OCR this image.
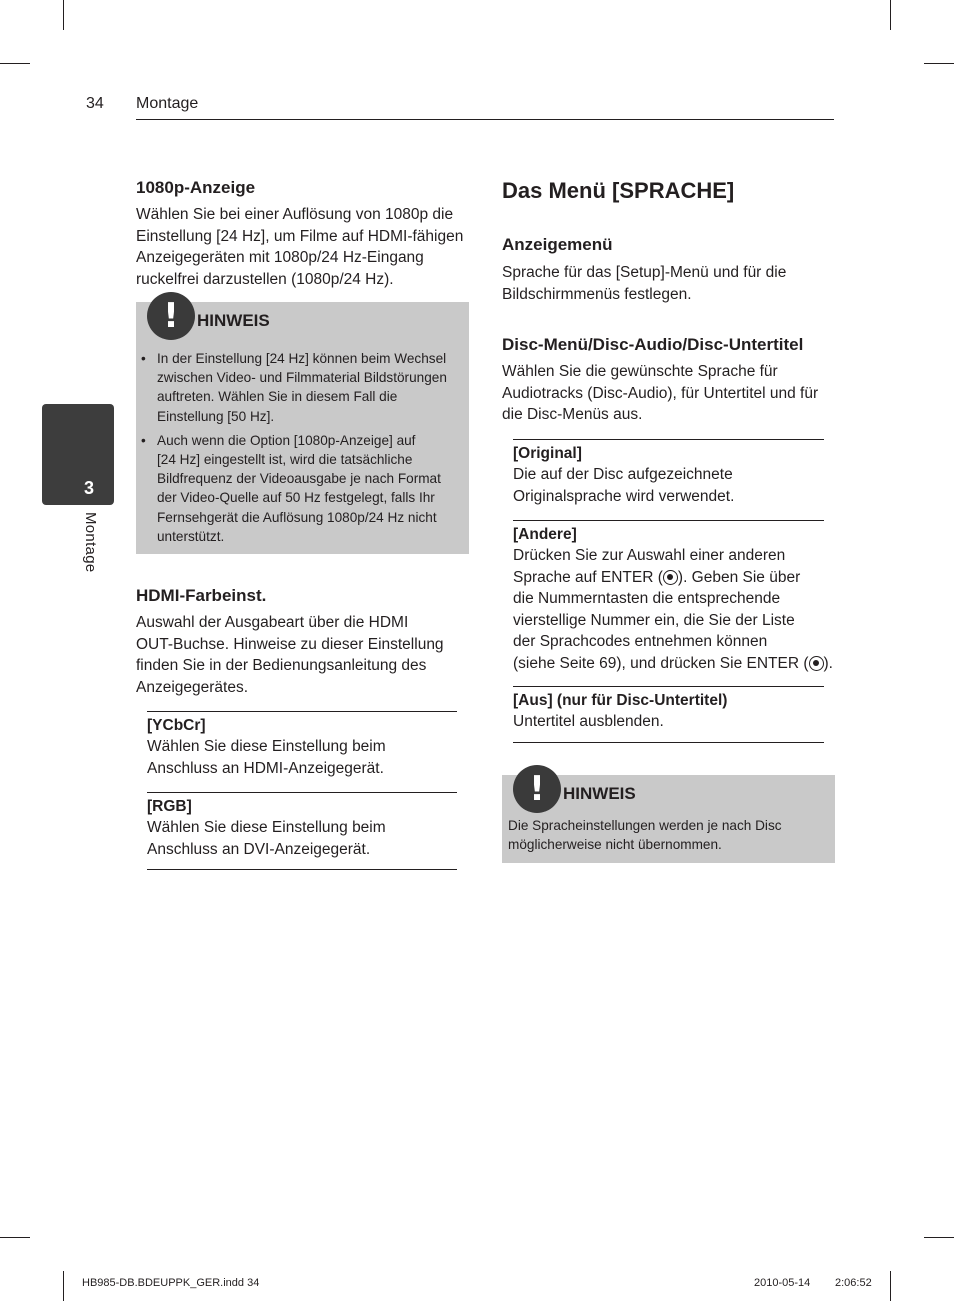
34 Montage
3
Montage
1080p-Anzeige

Wählen Sie bei einer Auflösung von 1080p die

Einstellung [24 Hz], um Filme auf HDMI-fähigen

Anzeigegeräten mit 1080p/24 Hz-Eingang

ruckelfrei darzustellen (1080p/24 Hz).

!	HINWEIS
• In der Einstellung [24 Hz] können beim Wechsel
zwischen Video- und Filmmaterial Bildstörungen
auftreten. Wählen Sie in diesem Fall die
Einstellung [50 Hz].
• Auch wenn die Option [1080p-Anzeige] auf
[24 Hz] eingestellt ist, wird die tatsächliche
Bildfrequenz der Videoausgabe je nach Format
der Video-Quelle auf 50 Hz festgelegt, falls Ihr
Fernsehgerät die Auflösung 1080p/24 Hz nicht
unterstützt.
HDMI-Farbeinst.

Auswahl der Ausgabeart über die HDMI

OUT-Buchse. Hinweise zu dieser Einstellung

finden Sie in der Bedienungsanleitung des

Anzeigegerätes.

[YCbCr]

Wählen Sie diese Einstellung beim

Anschluss an HDMI-Anzeigegerät.

[RGB]

Wählen Sie diese Einstellung beim

Anschluss an DVI-Anzeigegerät.

Das Menü [SPRACHE]
Anzeigemenü

Sprache für das [Setup]-Menü und für die

Bildschirmmenüs festlegen.

Disc-Menü/Disc-Audio/Disc-Untertitel

Wählen Sie die gewünschte Sprache für

Audiotracks (Disc-Audio), für Untertitel und für

die Disc-Menüs aus.

[Original]

Die auf der Disc aufgezeichnete

Originalsprache wird verwendet.

[Andere]

Drücken Sie zur Auswahl einer anderen

Sprache auf ENTER ( ). Geben Sie über

die Nummerntasten die entsprechende

vierstellige Nummer ein, die Sie der Liste

der Sprachcodes entnehmen können

(siehe Seite 69), und drücken Sie ENTER ( ).

[Aus] (nur für Disc-Untertitel)

Untertitel ausblenden.

!	HINWEIS
Die Spracheinstellungen werden je nach Disc
möglicherweise nicht übernommen.
HB985-DB.BDEUPPK_GER.indd 34	2010-05-14 2:06:52
